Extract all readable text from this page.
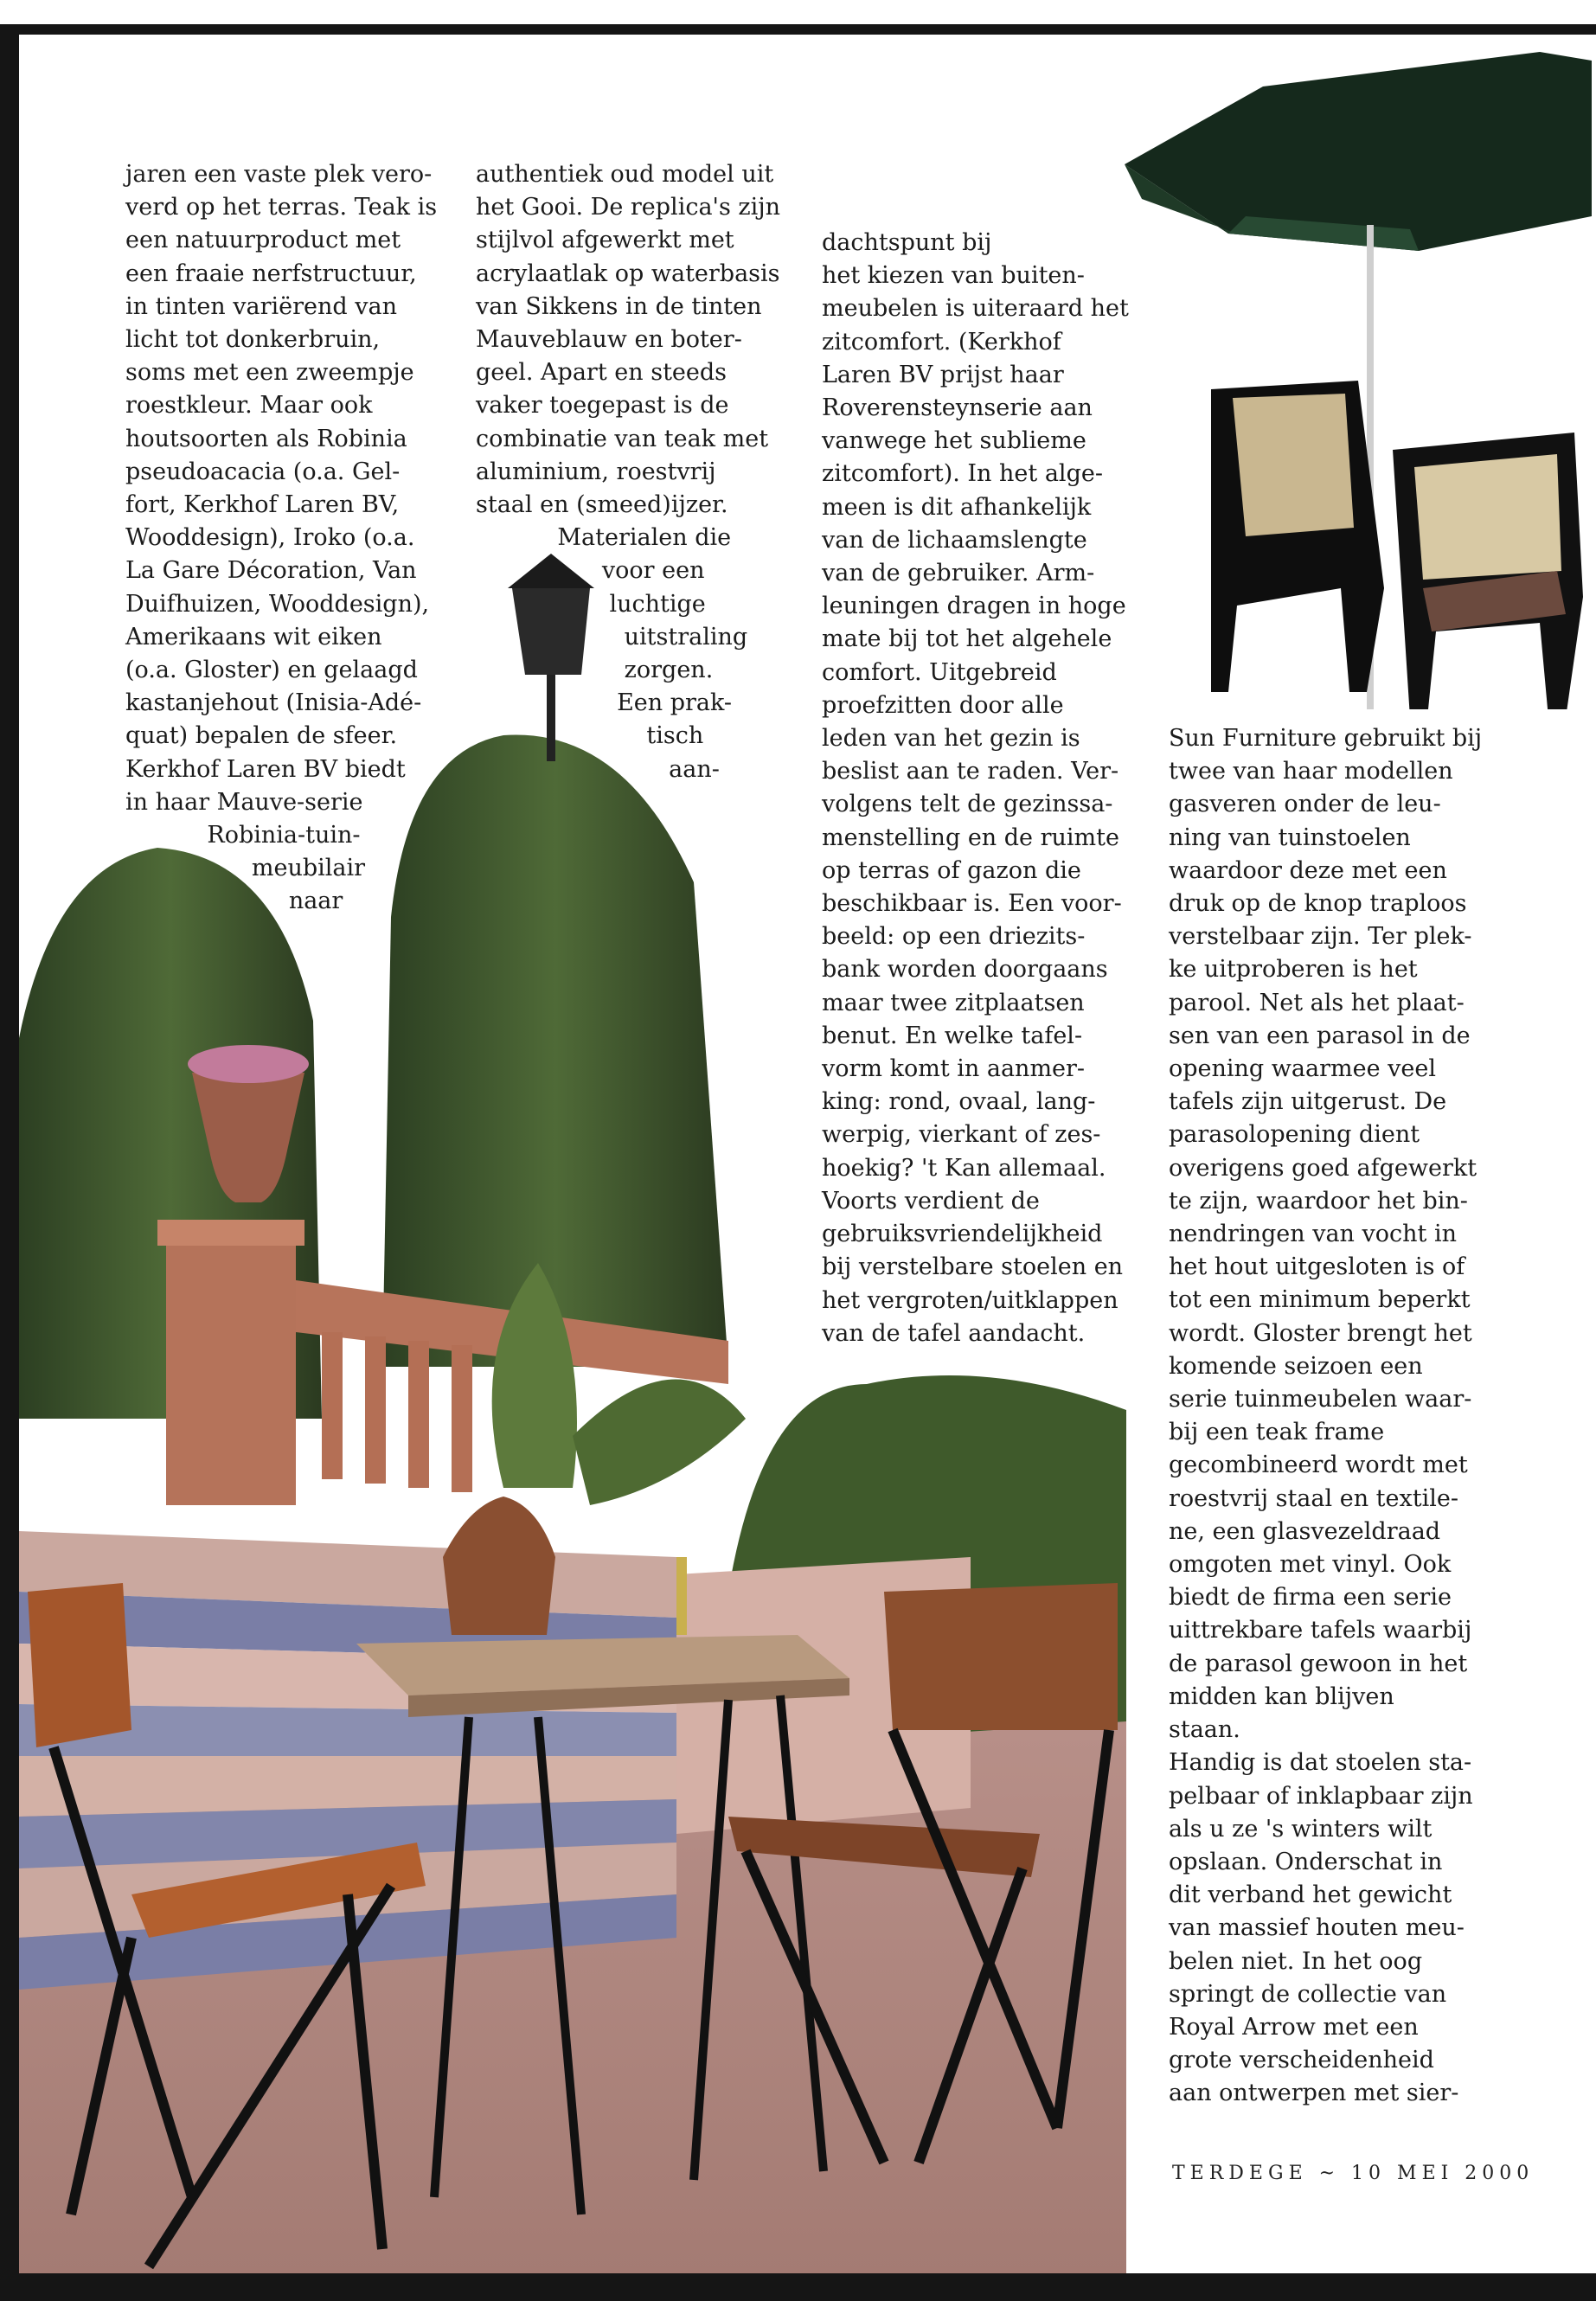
jaren een vaste plek vero-
verd op het terras. Teak is
een natuurproduct met
een fraaie nerfstructuur,
in tinten variërend van
licht tot donkerbruin,
soms met een zweempje
roestkleur. Maar ook
houtsoorten als Robinia
pseudoacacia (o.a. Gel-
fort, Kerkhof Laren BV,
Wooddesign), Iroko (o.a.
La Gare Décoration, Van
Duifhuizen, Wooddesign),
Amerikaans wit eiken
(o.a. Gloster) en gelaagd
kastanjehout (Inisia-Adé-
quat) bepalen de sfeer.
Kerkhof Laren BV biedt
in haar Mauve-serie
Robinia-tuin-
meubilair
naar
authentiek oud model uit
het Gooi. De replica's zijn
stijlvol afgewerkt met
acrylaatlak op waterbasis
van Sikkens in de tinten
Mauveblauw en boter-
geel. Apart en steeds
vaker toegepast is de
combinatie van teak met
aluminium, roestvrij
staal en (smeed)ijzer.
Materialen die
voor een
luchtige
uitstraling
zorgen.
Een prak-
tisch
aan-
dachtspunt bij
het kiezen van buiten-
meubelen is uiteraard het
zitcomfort. (Kerkhof
Laren BV prijst haar
Roverensteynserie aan
vanwege het sublieme
zitcomfort). In het alge-
meen is dit afhankelijk
van de lichaamslengte
van de gebruiker. Arm-
leuningen dragen in hoge
mate bij tot het algehele
comfort. Uitgebreid
proefzitten door alle
leden van het gezin is
beslist aan te raden. Ver-
volgens telt de gezinssa-
menstelling en de ruimte
op terras of gazon die
beschikbaar is. Een voor-
beeld: op een driezits-
bank worden doorgaans
maar twee zitplaatsen
benut. En welke tafel-
vorm komt in aanmer-
king: rond, ovaal, lang-
werpig, vierkant of zes-
hoekig? 't Kan allemaal.
Voorts verdient de
gebruiksvriendelijkheid
bij verstelbare stoelen en
het vergroten/uitklappen
van de tafel aandacht.
Sun Furniture gebruikt bij
twee van haar modellen
gasveren onder de leu-
ning van tuinstoelen
waardoor deze met een
druk op de knop traploos
verstelbaar zijn. Ter plek-
ke uitproberen is het
parool. Net als het plaat-
sen van een parasol in de
opening waarmee veel
tafels zijn uitgerust. De
parasolopening dient
overigens goed afgewerkt
te zijn, waardoor het bin-
nendringen van vocht in
het hout uitgesloten is of
tot een minimum beperkt
wordt. Gloster brengt het
komende seizoen een
serie tuinmeubelen waar-
bij een teak frame
gecombineerd wordt met
roestvrij staal en textile-
ne, een glasvezeldraad
omgoten met vinyl. Ook
biedt de firma een serie
uittrekbare tafels waarbij
de parasol gewoon in het
midden kan blijven
staan.
Handig is dat stoelen sta-
pelbaar of inklapbaar zijn
als u ze 's winters wilt
opslaan. Onderschat in
dit verband het gewicht
van massief houten meu-
belen niet. In het oog
springt de collectie van
Royal Arrow met een
grote verscheidenheid
aan ontwerpen met sier-
TERDEGE ~ 10 MEI 2000
